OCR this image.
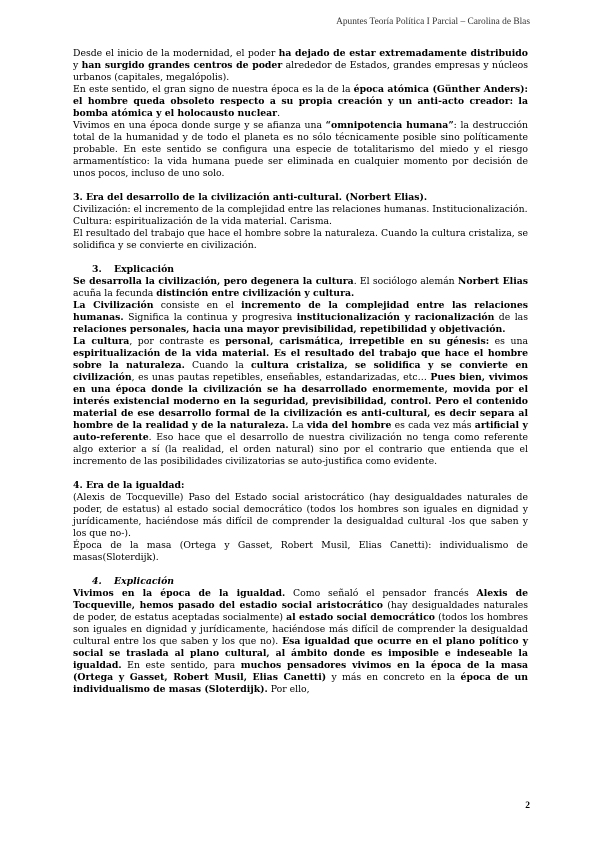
Apuntes Teoría Política I Parcial – Carolina de Blas

Desde el inicio de la modernidad, el poder ha dejado de estar extremadamente distribuido y han surgido grandes centros de poder alrededor de Estados, grandes empresas y núcleos urbanos (capitales, megalópolis).

En este sentido, el gran signo de nuestra época es la de la época atómica (Günther Anders): el hombre queda obsoleto respecto a su propia creación y un anti-acto creador: la bomba atómica y el holocausto nuclear.

Vivimos en una época donde surge y se afianza una “omnipotencia humana”: la destrucción total de la humanidad y de todo el planeta es no sólo técnicamente posible sino políticamente probable. En este sentido se configura una especie de totalitarismo del miedo y el riesgo armamentístico: la vida humana puede ser eliminada en cualquier momento por decisión de unos pocos, incluso de uno solo.

3. Era del desarrollo de la civilización anti-cultural. (Norbert Elias).

Civilización: el incremento de la complejidad entre las relaciones humanas. Institucionalización.

Cultura: espiritualización de la vida material. Carisma.

El resultado del trabajo que hace el hombre sobre la naturaleza. Cuando la cultura cristaliza, se solidifica y se convierte en civilización.

3. Explicación

Se desarrolla la civilización, pero degenera la cultura. El sociólogo alemán Norbert Elias acuña la fecunda distinción entre civilización y cultura.

La Civilización consiste en el incremento de la complejidad entre las relaciones humanas. Significa la continua y progresiva institucionalización y racionalización de las relaciones personales, hacia una mayor previsibilidad, repetibilidad y objetivación.

La cultura, por contraste es personal, carismática, irrepetible en su génesis: es una espiritualización de la vida material. Es el resultado del trabajo que hace el hombre sobre la naturaleza. Cuando la cultura cristaliza, se solidifica y se convierte en civilización, es unas pautas repetibles, enseñables, estandarizadas, etc… Pues bien, vivimos en una época donde la civilización se ha desarrollado enormemente, movida por el interés existencial moderno en la seguridad, previsibilidad, control. Pero el contenido material de ese desarrollo formal de la civilización es anti-cultural, es decir separa al hombre de la realidad y de la naturaleza. La vida del hombre es cada vez más artificial y auto-referente. Eso hace que el desarrollo de nuestra civilización no tenga como referente algo exterior a sí (la realidad, el orden natural) sino por el contrario que entienda que el incremento de las posibilidades civilizatorias se auto-justifica como evidente.

4. Era de la igualdad:

(Alexis de Tocqueville) Paso del Estado social aristocrático (hay desigualdades naturales de poder, de estatus) al estado social democrático (todos los hombres son iguales en dignidad y jurídicamente, haciéndose más difícil de comprender la desigualdad cultural -los que saben y los que no-).

Época de la masa (Ortega y Gasset, Robert Musil, Elias Canetti): individualismo de masas(Sloterdijk).

4. Explicación

Vivimos en la época de la igualdad. Como señaló el pensador francés Alexis de Tocqueville, hemos pasado del estadio social aristocrático (hay desigualdades naturales de poder, de estatus aceptadas socialmente) al estado social democrático (todos los hombres son iguales en dignidad y jurídicamente, haciéndose más difícil de comprender la desigualdad cultural entre los que saben y los que no). Esa igualdad que ocurre en el plano político y social se traslada al plano cultural, al ámbito donde es imposible e indeseable la igualdad. En este sentido, para muchos pensadores vivimos en la época de la masa (Ortega y Gasset, Robert Musil, Elias Canetti) y más en concreto en la época de un individualismo de masas (Sloterdijk). Por ello,

2
